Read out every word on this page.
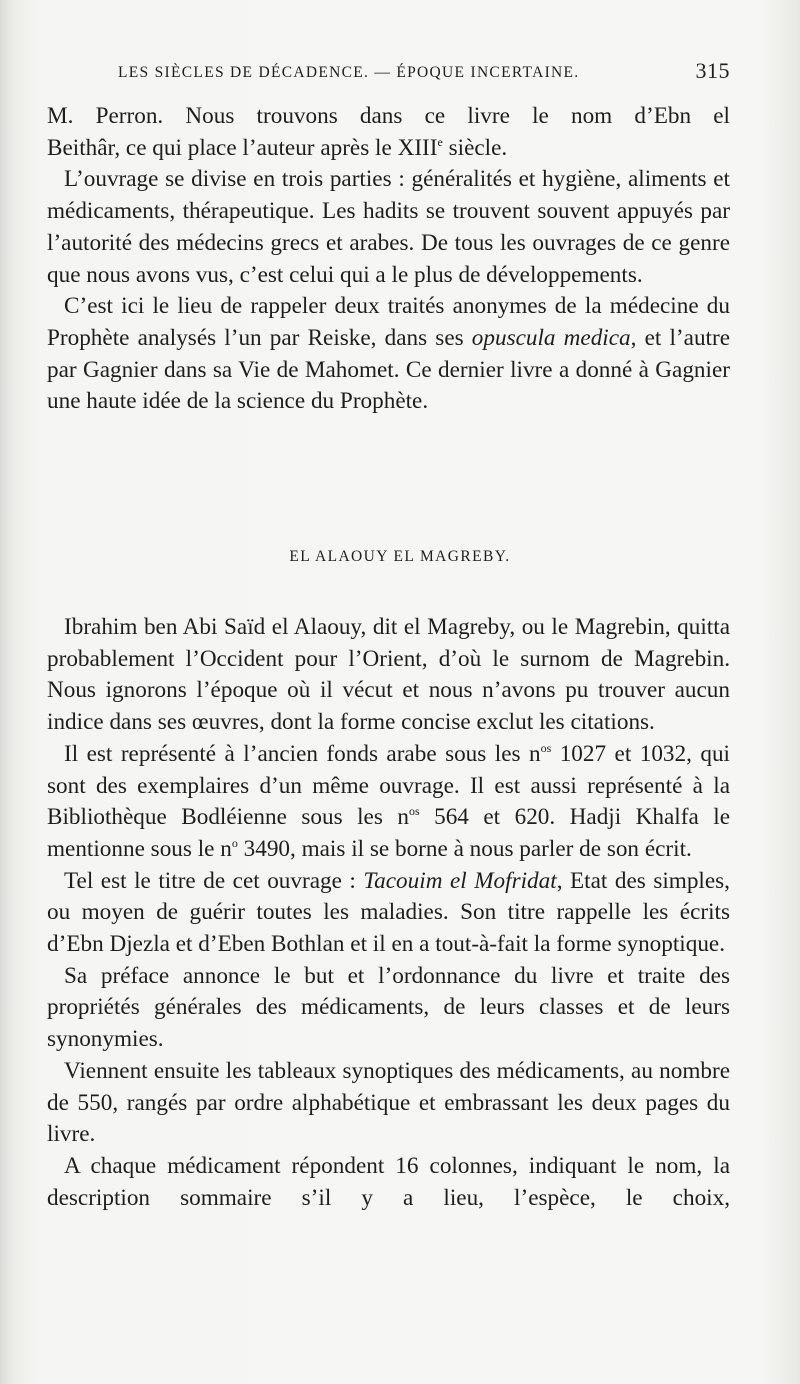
LES SIÈCLES DE DÉCADENCE. — ÉPOQUE INCERTAINE.	315

M. Perron. Nous trouvons dans ce livre le nom d’Ebn el

Beithâr, ce qui place l’auteur après le XIIIe siècle.

L’ouvrage se divise en trois parties : généralités et hygiène, aliments et médicaments, thérapeutique. Les hadits se trouvent souvent appuyés par l’autorité des médecins grecs et arabes. De tous les ouvrages de ce genre que nous avons vus, c’est celui qui a le plus de développements.

C’est ici le lieu de rappeler deux traités anonymes de la médecine du Prophète analysés l’un par Reiske, dans ses opuscula medica, et l’autre par Gagnier dans sa Vie de Mahomet. Ce dernier livre a donné à Gagnier une haute idée de la science du Prophète.

EL ALAOUY EL MAGREBY.

Ibrahim ben Abi Saïd el Alaouy, dit el Magreby, ou le Magrebin, quitta probablement l’Occident pour l’Orient, d’où le surnom de Magrebin. Nous ignorons l’époque où il vécut et nous n’avons pu trouver aucun indice dans ses œuvres, dont la forme concise exclut les citations.

Il est représenté à l’ancien fonds arabe sous les $n^{os}$ 1027 et 1032, qui sont des exemplaires d’un même ouvrage. Il est aussi représenté à la Bibliothèque Bodléienne sous les $n^{os}$ 564 et 620. Hadji Khalfa le mentionne sous le $n^o$ 3490, mais il se borne à nous parler de son écrit.

Tel est le titre de cet ouvrage : Tacouim el Mofridat, Etat des simples, ou moyen de guérir toutes les maladies. Son titre rappelle les écrits d’Ebn Djezla et d’Eben Bothlan et il en a tout-à-fait la forme synoptique.

Sa préface annonce le but et l’ordonnance du livre et traite des propriétés générales des médicaments, de leurs classes et de leurs synonymies.

Viennent ensuite les tableaux synoptiques des médicaments, au nombre de 550, rangés par ordre alphabétique et embrassant les deux pages du livre.

A chaque médicament répondent 16 colonnes, indiquant le nom, la description sommaire s’il y a lieu, l’espèce, le choix,
